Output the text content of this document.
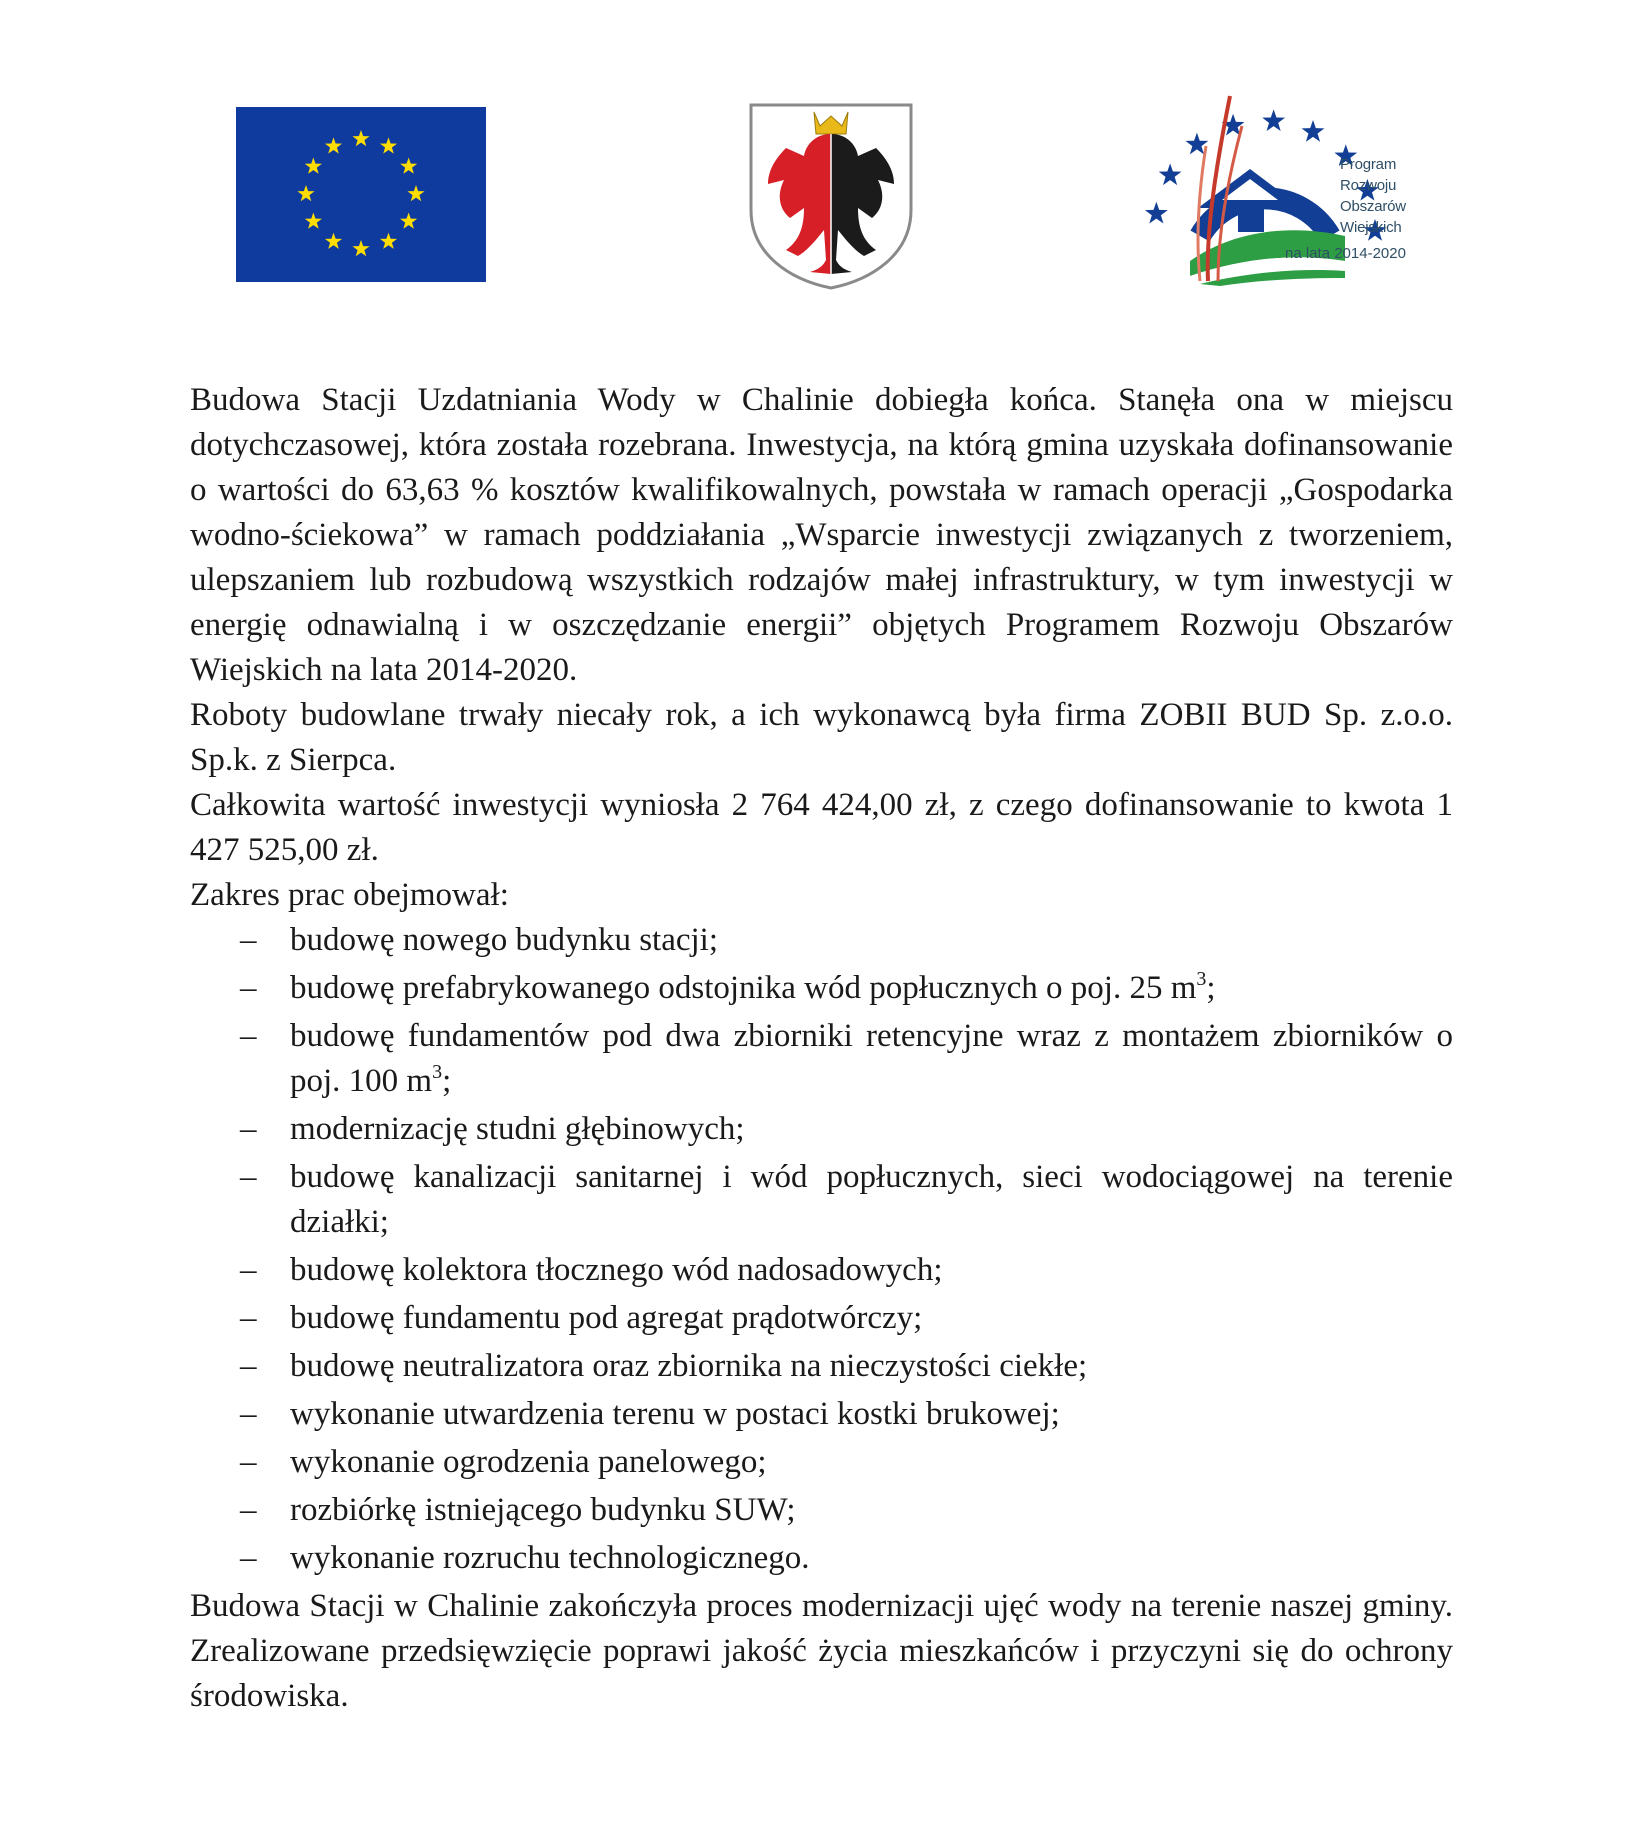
Program
Rozwoju
Obszarów
Wiejskich
na lata 2014-2020

Budowa Stacji Uzdatniania Wody w Chalinie dobiegła końca. Stanęła ona w miejscu dotychczasowej, która została rozebrana. Inwestycja, na którą gmina uzyskała dofinansowanie o wartości do 63,63 % kosztów kwalifikowalnych, powstała w ramach operacji „Gospodarka wodno-ściekowa” w ramach poddziałania „Wsparcie inwestycji związanych z tworzeniem, ulepszaniem lub rozbudową wszystkich rodzajów małej infrastruktury, w tym inwestycji w energię odnawialną i w oszczędzanie energii” objętych Programem Rozwoju Obszarów Wiejskich na lata 2014-2020.

Roboty budowlane trwały niecały rok, a ich wykonawcą była firma ZOBII BUD Sp. z.o.o. Sp.k. z Sierpca.

Całkowita wartość inwestycji wyniosła 2 764 424,00 zł, z czego dofinansowanie to kwota 1 427 525,00 zł.

Zakres prac obejmował:

– budowę nowego budynku stacji;
– budowę prefabrykowanego odstojnika wód popłucznych o poj. 25 $m^3$;
– budowę fundamentów pod dwa zbiorniki retencyjne wraz z montażem zbiorników o poj. 100 $m^3$;
– modernizację studni głębinowych;
– budowę kanalizacji sanitarnej i wód popłucznych, sieci wodociągowej na terenie działki;
– budowę kolektora tłocznego wód nadosadowych;
– budowę fundamentu pod agregat prądotwórczy;
– budowę neutralizatora oraz zbiornika na nieczystości ciekłe;
– wykonanie utwardzenia terenu w postaci kostki brukowej;
– wykonanie ogrodzenia panelowego;
– rozbiórkę istniejącego budynku SUW;
– wykonanie rozruchu technologicznego.

Budowa Stacji w Chalinie zakończyła proces modernizacji ujęć wody na terenie naszej gminy. Zrealizowane przedsięwzięcie poprawi jakość życia mieszkańców i przyczyni się do ochrony środowiska.
